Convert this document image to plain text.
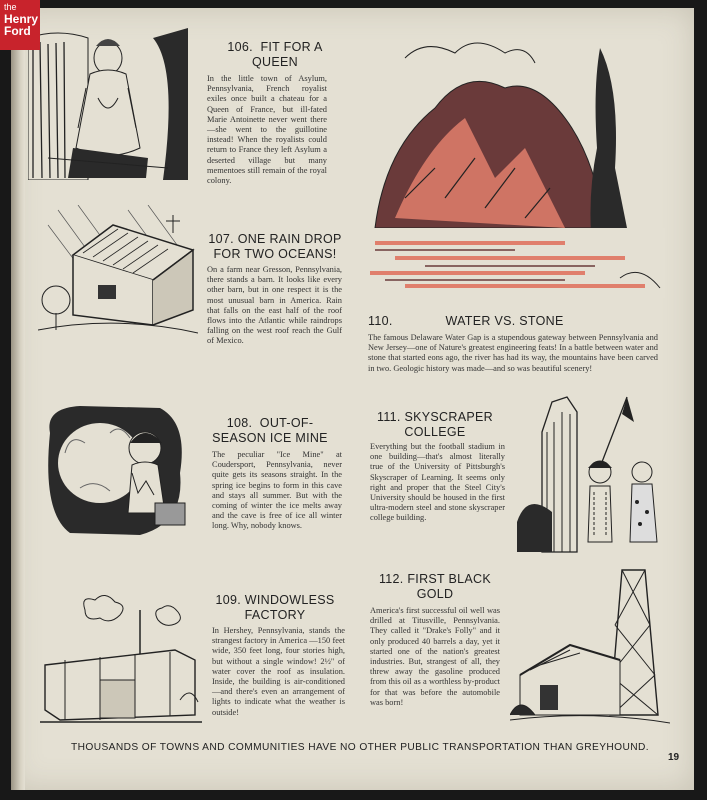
the
Henry
Ford
106. FIT FOR A
QUEEN
In the little town of Asylum, Pennsylvania, French royalist exiles once built a chateau for a Queen of France, but ill-fated Marie Antoinette never went there—she went to the guillotine instead! When the royalists could return to France they left Asylum a deserted village but many mementoes still remain of the royal colony.
107. ONE RAIN DROP
FOR TWO OCEANS!
On a farm near Gresson, Pennsylvania, there stands a barn. It looks like every other barn, but in one respect it is the most unusual barn in America. Rain that falls on the east half of the roof flows into the Atlantic while raindrops falling on the west roof reach the Gulf of Mexico.
108. OUT-OF-
SEASON ICE MINE
The peculiar "Ice Mine" at Coudersport, Pennsylvania, never quite gets its seasons straight. In the spring ice begins to form in this cave and stays all summer. But with the coming of winter the ice melts away and the cave is free of ice all winter long. Why, nobody knows.
109. WINDOWLESS
FACTORY
In Hershey, Pennsylvania, stands the strangest factory in America —150 feet wide, 350 feet long, four stories high, but without a single window! 2½" of water cover the roof as insulation. Inside, the building is air-conditioned—and there's even an arrangement of lights to indicate what the weather is outside!
110.	WATER VS. STONE
The famous Delaware Water Gap is a stupendous gateway between Pennsylvania and New Jersey—one of Nature's greatest engineering feats! In a battle between water and stone that started eons ago, the river has had its way, the mountains have been carved in two. Geologic history was made—and so was beautiful scenery!
111. SKYSCRAPER
COLLEGE
Everything but the football stadium in one building—that's almost literally true of the University of Pittsburgh's Skyscraper of Learning. It seems only right and proper that the Steel City's University should be housed in the first ultra-modern steel and stone skyscraper college building.
112. FIRST BLACK
GOLD
America's first successful oil well was drilled at Titusville, Pennsylvania. They called it "Drake's Folly" and it only produced 40 barrels a day, yet it started one of the nation's greatest industries. But, strangest of all, they threw away the gasoline produced from this oil as a worthless by-product for that was before the automobile was born!
THOUSANDS OF TOWNS AND COMMUNITIES HAVE NO OTHER PUBLIC TRANSPORTATION THAN GREYHOUND.
19
